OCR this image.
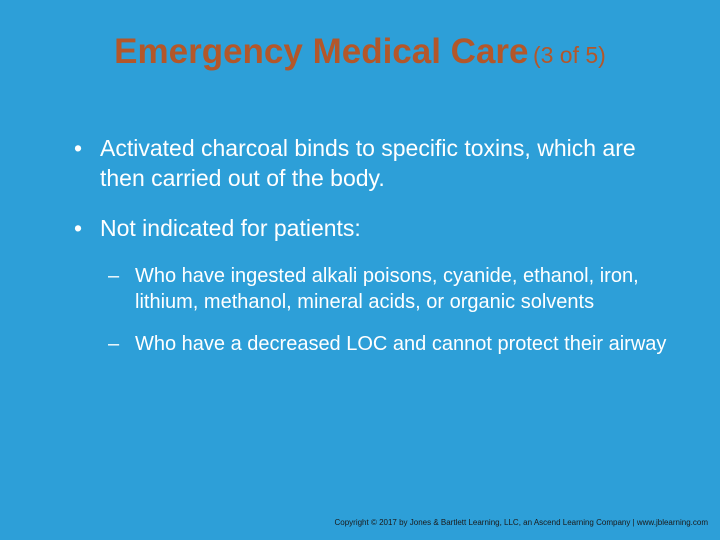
Emergency Medical Care (3 of 5)
• Activated charcoal binds to specific toxins, which are then carried out of the body.
• Not indicated for patients:
– Who have ingested alkali poisons, cyanide, ethanol, iron, lithium, methanol, mineral acids, or organic solvents
– Who have a decreased LOC and cannot protect their airway
Copyright © 2017 by Jones & Bartlett Learning, LLC, an Ascend Learning Company | www.jblearning.com
